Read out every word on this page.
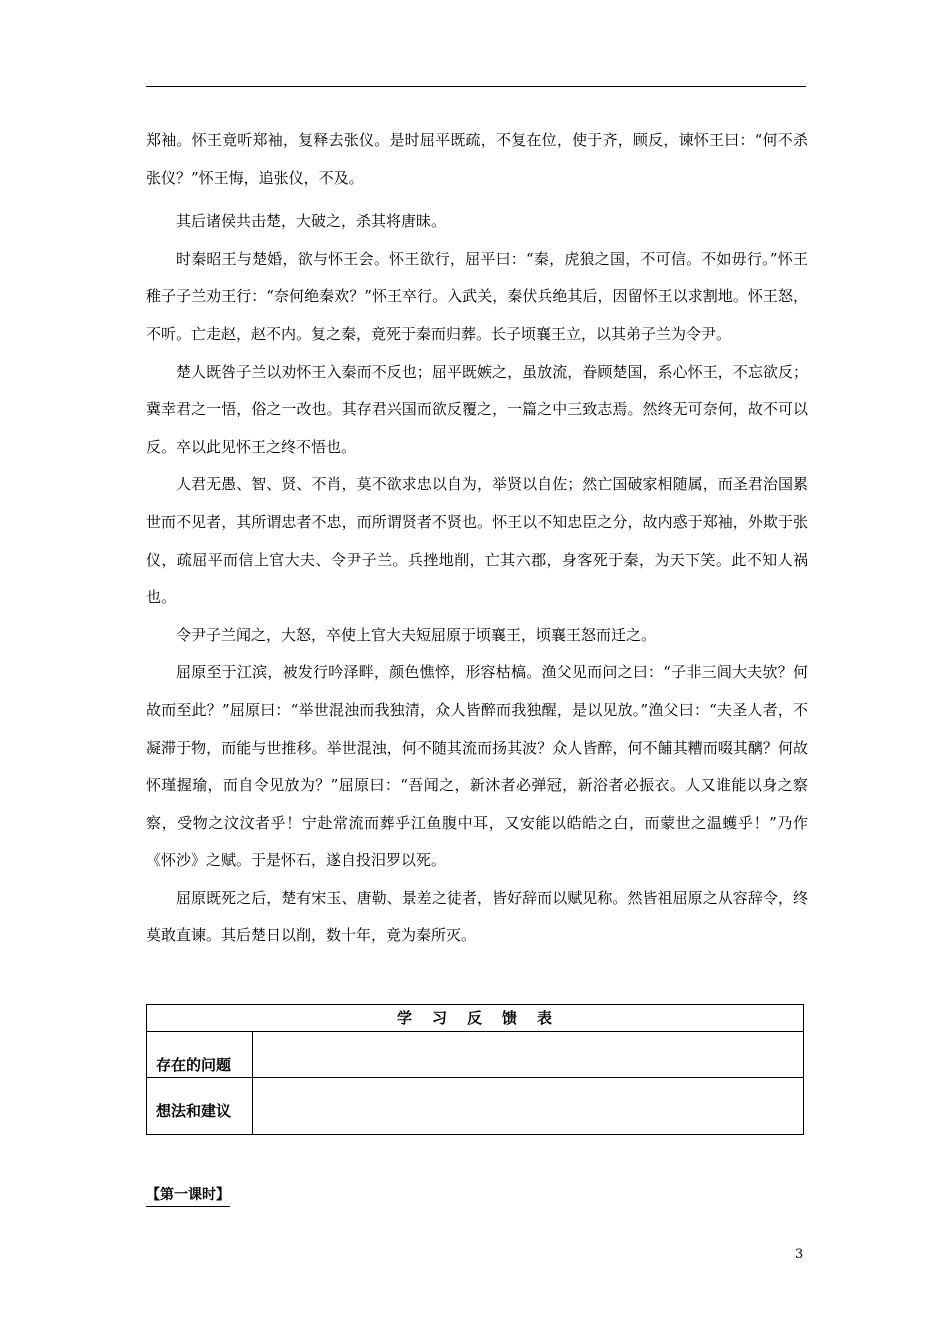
郑袖。怀王竟听郑袖，复释去张仪。是时屈平既疏，不复在位，使于齐，顾反，谏怀王曰：“何不杀张仪？”怀王悔，追张仪，不及。

其后诸侯共击楚，大破之，杀其将唐昧。

时秦昭王与楚婚，欲与怀王会。怀王欲行，屈平曰：“秦，虎狼之国，不可信。不如毋行。”怀王稚子子兰劝王行：“奈何绝秦欢？”怀王卒行。入武关，秦伏兵绝其后，因留怀王以求割地。怀王怒，不听。亡走赵，赵不内。复之秦，竟死于秦而归葬。长子顷襄王立，以其弟子兰为令尹。

楚人既咎子兰以劝怀王入秦而不反也；屈平既嫉之，虽放流，眷顾楚国，系心怀王，不忘欲反；冀幸君之一悟，俗之一改也。其存君兴国而欲反覆之，一篇之中三致志焉。然终无可奈何，故不可以反。卒以此见怀王之终不悟也。

人君无愚、智、贤、不肖，莫不欲求忠以自为，举贤以自佐；然亡国破家相随属，而圣君治国累世而不见者，其所谓忠者不忠，而所谓贤者不贤也。怀王以不知忠臣之分，故内惑于郑袖，外欺于张仪，疏屈平而信上官大夫、令尹子兰。兵挫地削，亡其六郡，身客死于秦，为天下笑。此不知人祸也。

令尹子兰闻之，大怒，卒使上官大夫短屈原于顷襄王，顷襄王怒而迁之。

屈原至于江滨，被发行吟泽畔，颜色憔悴，形容枯槁。渔父见而问之曰：“子非三闾大夫欤？何故而至此？”屈原曰：“举世混浊而我独清，众人皆醉而我独醒，是以见放。”渔父曰：“夫圣人者，不凝滞于物，而能与世推移。举世混浊，何不随其流而扬其波？众人皆醉，何不餔其糟而啜其醨？何故怀瑾握瑜，而自令见放为？”屈原曰：“吾闻之，新沐者必弹冠，新浴者必振衣。人又谁能以身之察察，受物之汶汶者乎！宁赴常流而葬乎江鱼腹中耳，又安能以皓皓之白，而蒙世之温蠖乎！”乃作《怀沙》之赋。于是怀石，遂自投汨罗以死。

屈原既死之后，楚有宋玉、唐勒、景差之徒者，皆好辞而以赋见称。然皆祖屈原之从容辞令，终莫敢直谏。其后楚日以削，数十年，竟为秦所灭。

学习反馈表	
存在的问题	
想法和建议	
【第一课时】
3
